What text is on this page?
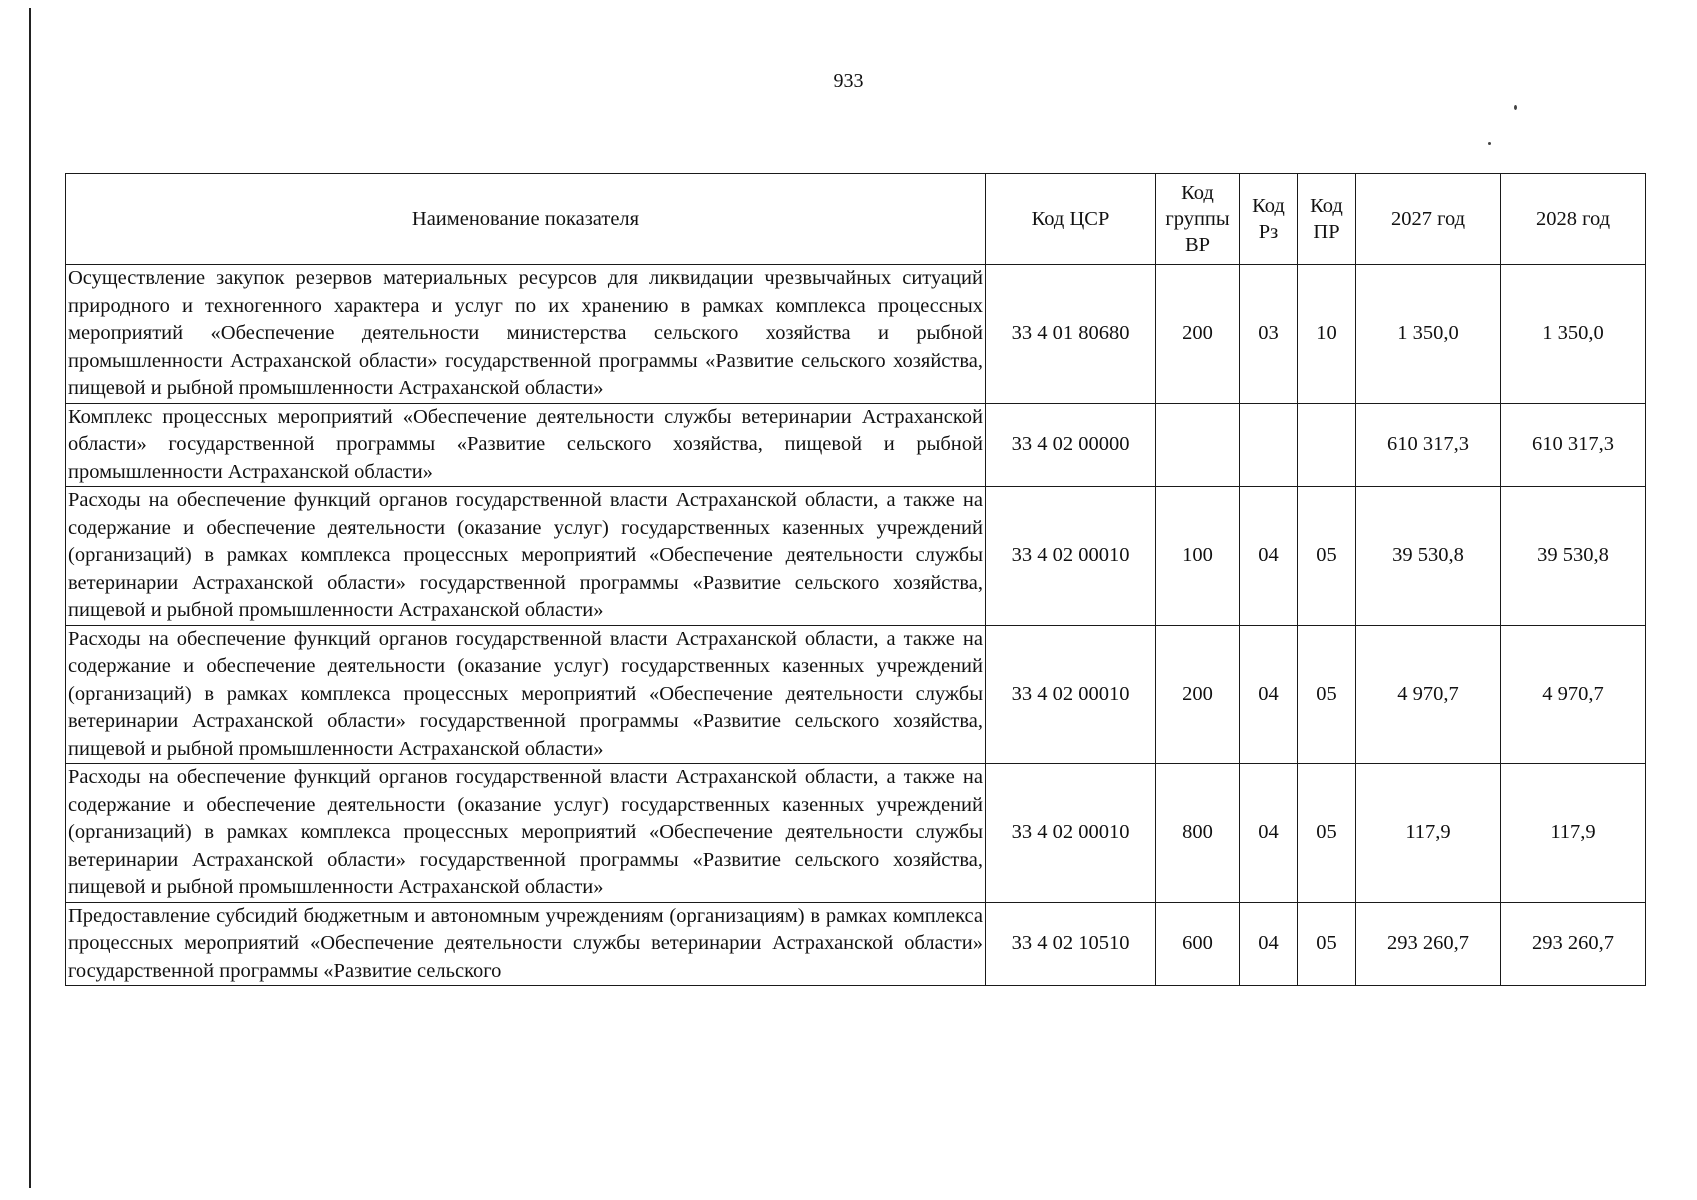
933
Наименование показателя	Код ЦСР	Код группы ВР	Код Рз	Код ПР	2027 год	2028 год
Осуществление закупок резервов материальных ресурсов для ликвидации чрезвычайных ситуаций природного и техногенного характера и услуг по их хранению в рамках комплекса процессных мероприятий «Обеспечение деятельности министерства сельского хозяйства и рыбной промышленности Астраханской области» государственной программы «Развитие сельского хозяйства, пищевой и рыбной промышленности Астраханской области»	33 4 01 80680	200	03	10	1 350,0	1 350,0
Комплекс процессных мероприятий «Обеспечение деятельности службы ветеринарии Астраханской области» государственной программы «Развитие сельского хозяйства, пищевой и рыбной промышленности Астраханской области»	33 4 02 00000				610 317,3	610 317,3
Расходы на обеспечение функций органов государственной власти Астраханской области, а также на содержание и обеспечение деятельности (оказание услуг) государственных казенных учреждений (организаций) в рамках комплекса процессных мероприятий «Обеспечение деятельности службы ветеринарии Астраханской области» государственной программы «Развитие сельского хозяйства, пищевой и рыбной промышленности Астраханской области»	33 4 02 00010	100	04	05	39 530,8	39 530,8
Расходы на обеспечение функций органов государственной власти Астраханской области, а также на содержание и обеспечение деятельности (оказание услуг) государственных казенных учреждений (организаций) в рамках комплекса процессных мероприятий «Обеспечение деятельности службы ветеринарии Астраханской области» государственной программы «Развитие сельского хозяйства, пищевой и рыбной промышленности Астраханской области»	33 4 02 00010	200	04	05	4 970,7	4 970,7
Расходы на обеспечение функций органов государственной власти Астраханской области, а также на содержание и обеспечение деятельности (оказание услуг) государственных казенных учреждений (организаций) в рамках комплекса процессных мероприятий «Обеспечение деятельности службы ветеринарии Астраханской области» государственной программы «Развитие сельского хозяйства, пищевой и рыбной промышленности Астраханской области»	33 4 02 00010	800	04	05	117,9	117,9
Предоставление субсидий бюджетным и автономным учреждениям (организациям) в рамках комплекса процессных мероприятий «Обеспечение деятельности службы ветеринарии Астраханской области» государственной программы «Развитие сельского	33 4 02 10510	600	04	05	293 260,7	293 260,7
